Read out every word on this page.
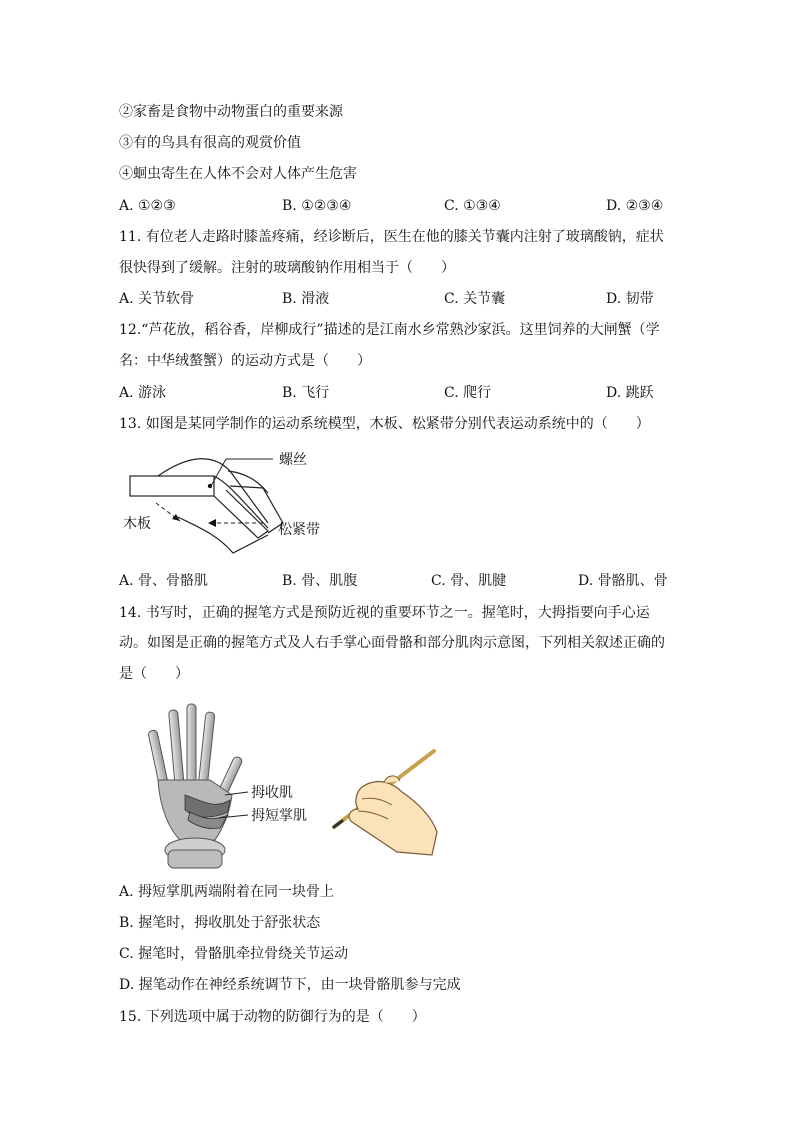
②家畜是食物中动物蛋白的重要来源
③有的鸟具有很高的观赏价值
④蛔虫寄生在人体不会对人体产生危害
A. ①②③	B. ①②③④	C. ①③④	D. ②③④
11. 有位老人走路时膝盖疼痛，经诊断后，医生在他的膝关节囊内注射了玻璃酸钠，症状
很快得到了缓解。注射的玻璃酸钠作用相当于（　　）
A. 关节软骨	B. 滑液	C. 关节囊	D. 韧带
12.“芦花放，稻谷香，岸柳成行”描述的是江南水乡常熟沙家浜。这里饲养的大闸蟹（学
名：中华绒螯蟹）的运动方式是（　　）
A. 游泳	B. 飞行	C. 爬行	D. 跳跃
13. 如图是某同学制作的运动系统模型，木板、松紧带分别代表运动系统中的（　　）
螺丝
木板	松紧带
A. 骨、骨骼肌	B. 骨、肌腹	C. 骨、肌腱	D. 骨骼肌、骨
14. 书写时，正确的握笔方式是预防近视的重要环节之一。握笔时，大拇指要向手心运
动。如图是正确的握笔方式及人右手掌心面骨骼和部分肌肉示意图，下列相关叙述正确的
是（　　）
拇收肌
拇短掌肌
A. 拇短掌肌两端附着在同一块骨上
B. 握笔时，拇收肌处于舒张状态
C. 握笔时，骨骼肌牵拉骨绕关节运动
D. 握笔动作在神经系统调节下，由一块骨骼肌参与完成
15. 下列选项中属于动物的防御行为的是（　　）
